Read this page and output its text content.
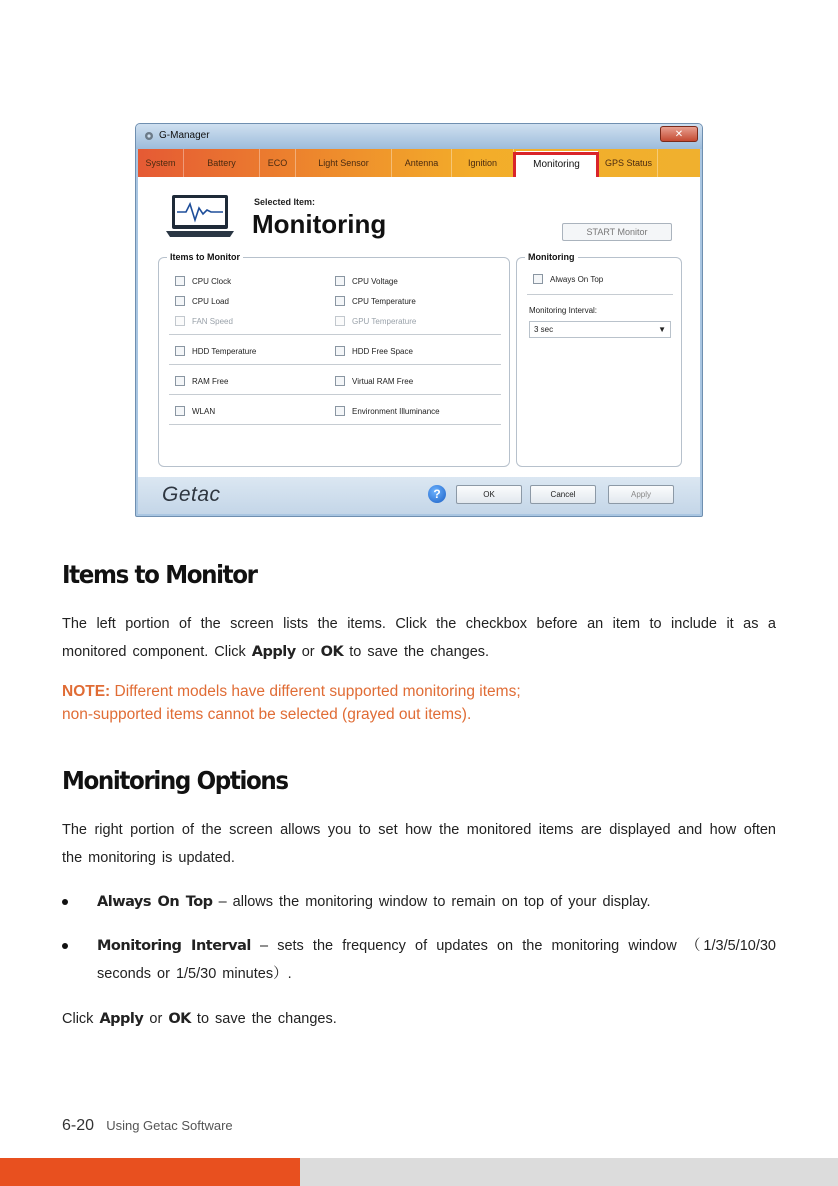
G-Manager	✕
System	Battery	ECO	Light Sensor	Antenna	Ignition	Monitoring	GPS Status
Selected Item:
Monitoring	START Monitor
Items to Monitor
CPU Clock	CPU Voltage
CPU Load	CPU Temperature
FAN Speed	GPU Temperature
HDD Temperature	HDD Free Space
RAM Free	Virtual RAM Free
WLAN	Environment Illuminance
Monitoring
Always On Top
Monitoring Interval:
3 sec	▼
Getac	?	OK	Cancel	Apply
Items to Monitor
The left portion of the screen lists the items. Click the checkbox before an item to include it as a monitored component. Click Apply or OK to save the changes.
NOTE: Different models have different supported monitoring items;
non-supported items cannot be selected (grayed out items).
Monitoring Options
The right portion of the screen allows you to set how the monitored items are displayed and how often the monitoring is updated.
Always On Top – allows the monitoring window to remain on top of your display.
Monitoring Interval – sets the frequency of updates on the monitoring window （1/3/5/10/30 seconds or 1/5/30 minutes）.
Click Apply or OK to save the changes.
6-20 Using Getac Software
